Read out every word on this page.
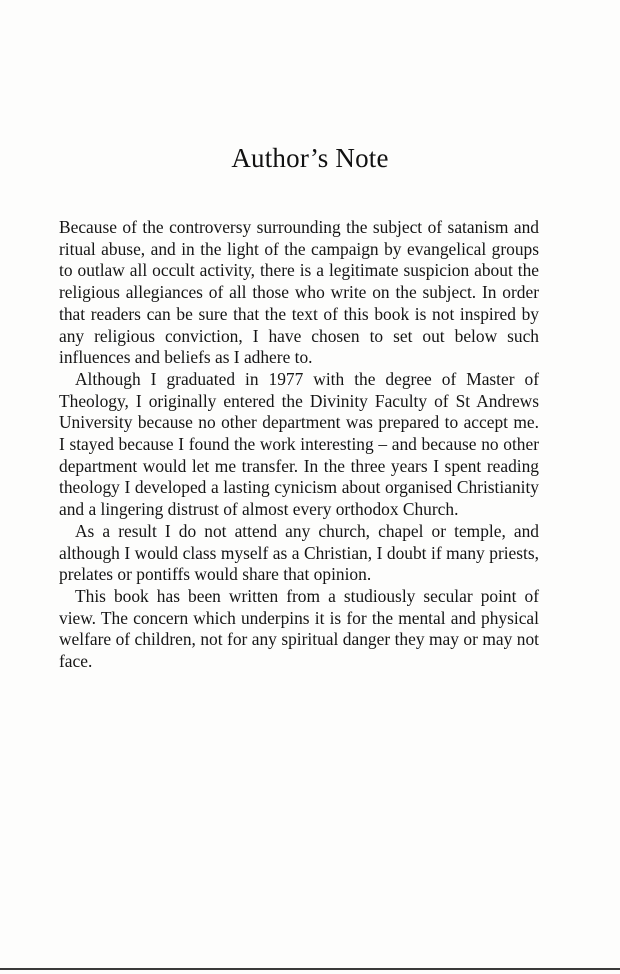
Author’s Note

Because of the controversy surrounding the subject of satanism and ritual abuse, and in the light of the campaign by evangelical groups to outlaw all occult activity, there is a legitimate suspicion about the religious allegiances of all those who write on the subject. In order that readers can be sure that the text of this book is not inspired by any religious conviction, I have chosen to set out below such influences and beliefs as I adhere to.

Although I graduated in 1977 with the degree of Master of Theology, I originally entered the Divinity Faculty of St Andrews University because no other department was prepared to accept me. I stayed because I found the work interesting – and because no other department would let me transfer. In the three years I spent reading theology I developed a lasting cynicism about organised Christianity and a lingering distrust of almost every orthodox Church.

As a result I do not attend any church, chapel or temple, and although I would class myself as a Christian, I doubt if many priests, prelates or pontiffs would share that opinion.

This book has been written from a studiously secular point of view. The concern which underpins it is for the mental and physical welfare of children, not for any spiritual danger they may or may not face.
